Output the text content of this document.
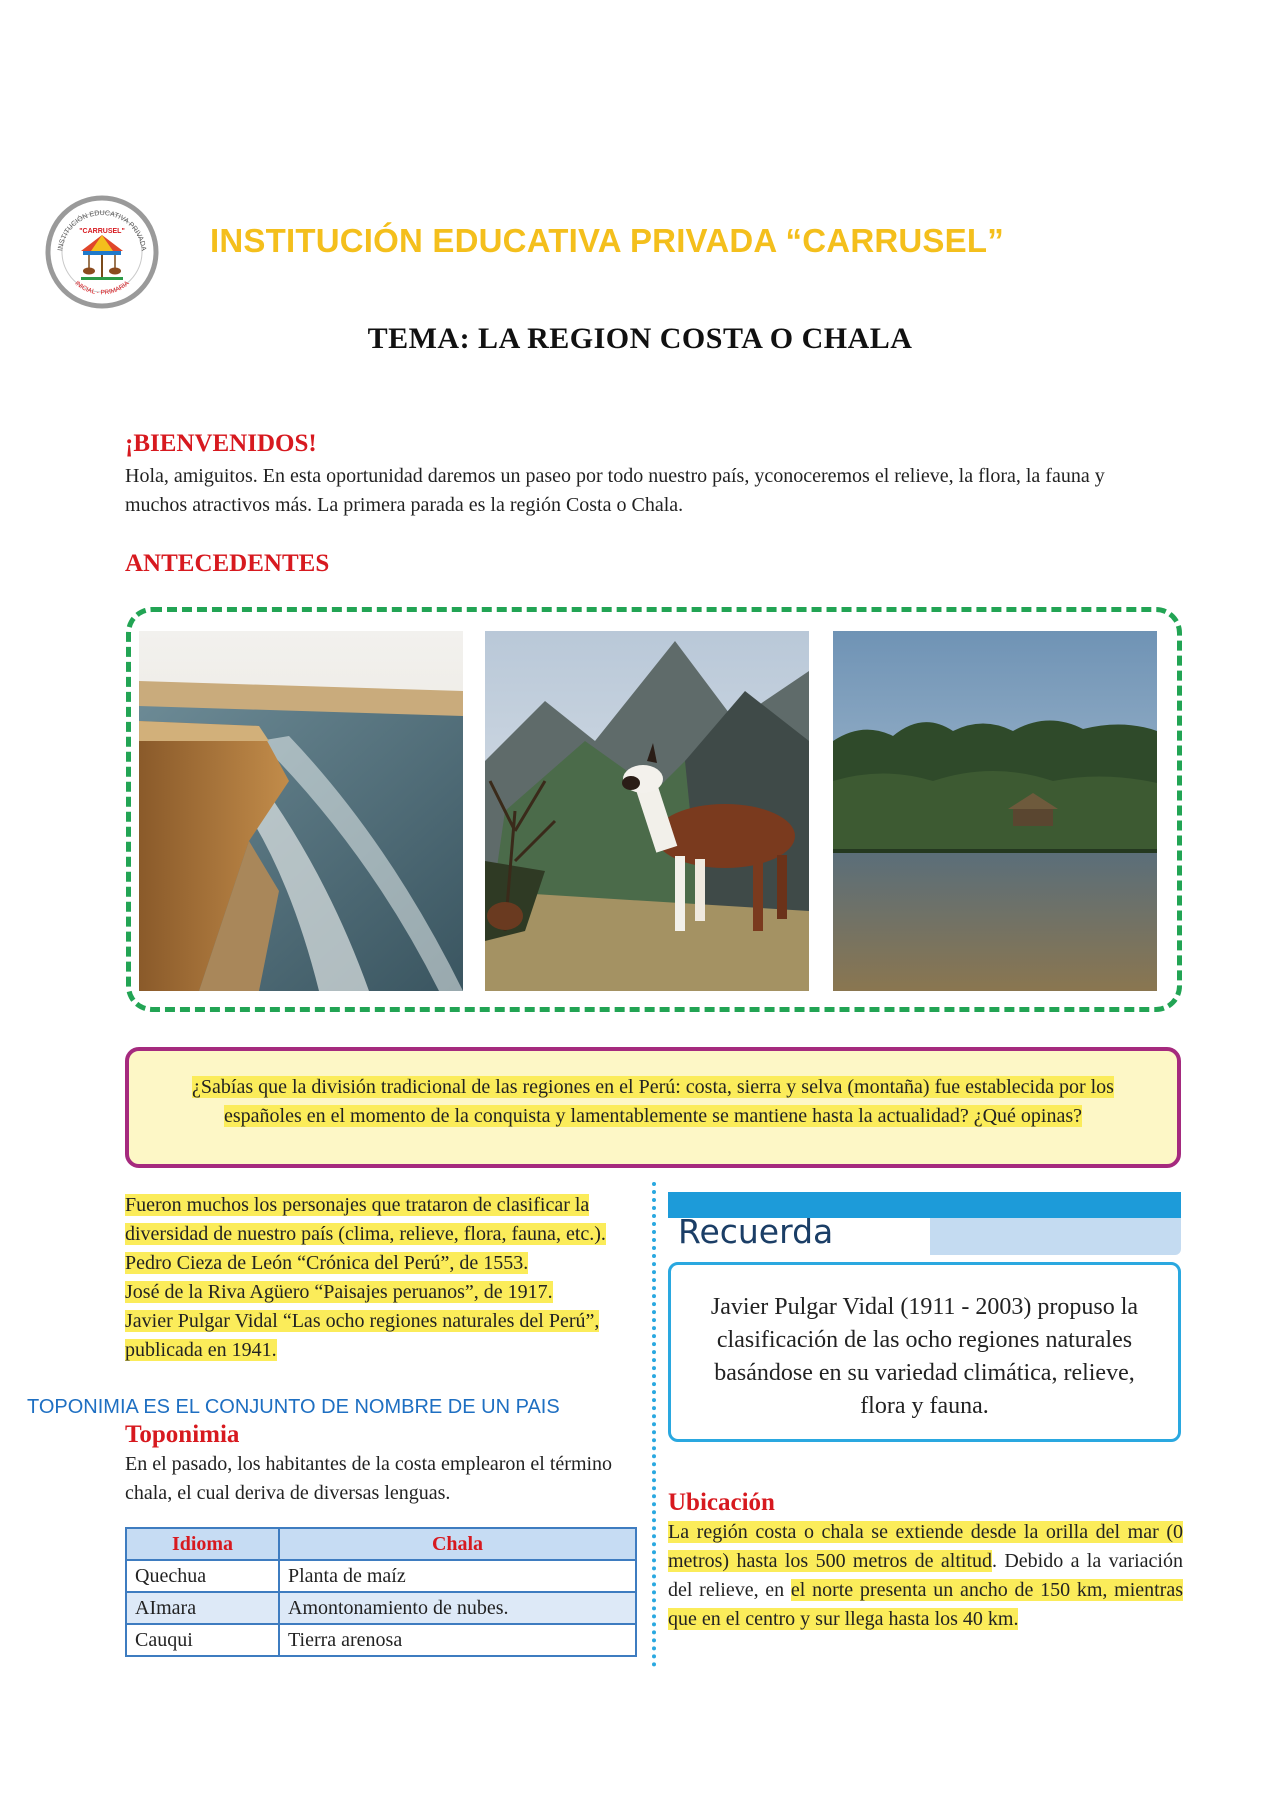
INSTITUCIÓN EDUCATIVA PRIVADA
INICIAL - PRIMARIA
"CARRUSEL"	INSTITUCIÓN EDUCATIVA PRIVADA “CARRUSEL”
TEMA: LA REGION COSTA O CHALA
¡BIENVENIDOS!
Hola, amiguitos. En esta oportunidad daremos un paseo por todo nuestro país, yconoceremos el relieve, la flora, la fauna y muchos atractivos más. La primera parada es la región Costa o Chala.
ANTECEDENTES
¿Sabías que la división tradicional de las regiones en el Perú: costa, sierra y selva (montaña) fue establecida por los españoles en el momento de la conquista y lamentablemente se mantiene hasta la actualidad? ¿Qué opinas?
Fueron muchos los personajes que trataron de clasificar la diversidad de nuestro país (clima, relieve, flora, fauna, etc.).
Pedro Cieza de León “Crónica del Perú”, de 1553.
José de la Riva Agüero “Paisajes peruanos”, de 1917.
Javier Pulgar Vidal “Las ocho regiones naturales del Perú”, publicada en 1941.
TOPONIMIA ES EL CONJUNTO DE NOMBRE DE UN PAIS
Toponimia
En el pasado, los habitantes de la costa emplearon el término chala, el cual deriva de diversas lenguas.
Idioma	Chala
Quechua	Planta de maíz
AImara	Amontonamiento de nubes.
Cauqui	Tierra arenosa
Recuerda
Javier Pulgar Vidal (1911 - 2003) propuso la clasificación de las ocho regiones naturales basándose en su variedad climática, relieve, flora y fauna.
Ubicación
La región costa o chala se extiende desde la orilla del mar (0 metros) hasta los 500 metros de altitud. Debido a la variación del relieve, en el norte presenta un ancho de 150 km, mientras que en el centro y sur llega hasta los 40 km.
